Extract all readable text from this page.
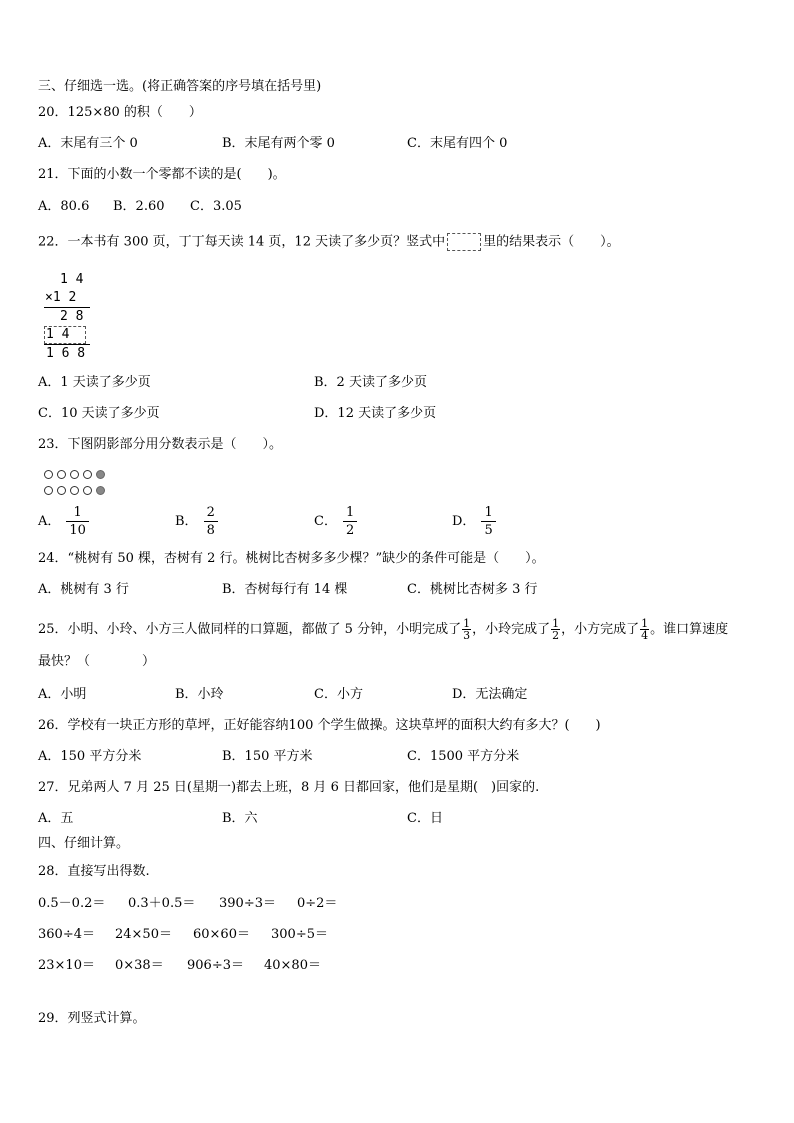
三、仔细选一选。(将正确答案的序号填在括号里)
20．125×80 的积（　　）
A．末尾有三个 0	B．末尾有两个零 0	C．末尾有四个 0
21．下面的小数一个零都不读的是(　　)。
A．80.6 B．2.60 C．3.05
22．一本书有 300 页，丁丁每天读 14 页，12 天读了多少页？竖式中	里的结果表示（　　）。
1 4
×1 2
2 8
1 4
1 6 8
A．1 天读了多少页	B．2 天读了多少页
C．10 天读了多少页	D．12 天读了多少页
23．下图阴影部分用分数表示是（　　）。
A． $\frac{1}{10}$	B． $\frac{2}{8}$	C． $\frac{1}{2}$	D． $\frac{1}{5}$
24．“桃树有 50 棵，杏树有 2 行。桃树比杏树多多少棵？”缺少的条件可能是（　　）。
A．桃树有 3 行	B．杏树每行有 14 棵	C．桃树比杏树多 3 行
25．小明、小玲、小方三人做同样的口算题，都做了 5 分钟，小明完成了 $\frac{1}{3}$ ，小玲完成了 $\frac{1}{2}$ ，小方完成了 $\frac{1}{4}$ 。谁口算速度
最快？（　　　　）
A．小明	B．小玲	C．小方	D．无法确定
26．学校有一块正方形的草坪，正好能容纳100 个学生做操。这块草坪的面积大约有多大？(　　)
A．150 平方分米	B．150 平方米	C．1500 平方分米
27．兄弟两人 7 月 25 日(星期一)都去上班，8 月 6 日都回家，他们是星期(　)回家的.
A．五	B．六	C．日
四、仔细计算。
28．直接写出得数.
0.5－0.2＝ 0.3＋0.5＝ 390÷3＝ 0÷2＝
360÷4＝ 24×50＝ 60×60＝ 300÷5＝
23×10＝ 0×38＝ 906÷3＝ 40×80＝
29．列竖式计算。
